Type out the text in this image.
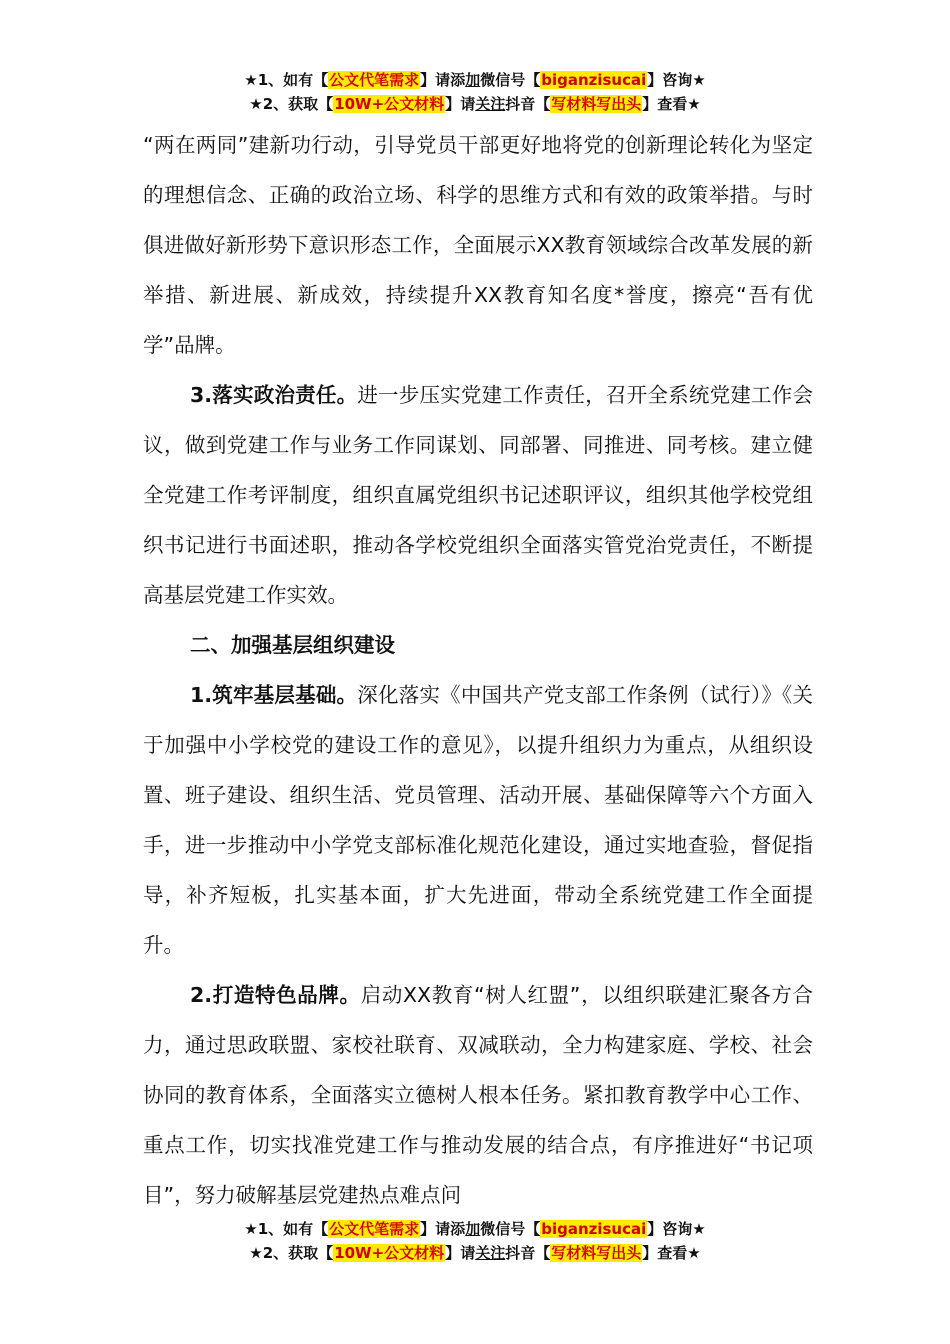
★1、如有【公文代笔需求】请添加微信号【biganzisucai】咨询★
★2、获取【10W+公文材料】请关注抖音【写材料写出头】查看★

“两在两同”建新功行动，引导党员干部更好地将党的创新理论转化为坚定的理想信念、正确的政治立场、科学的思维方式和有效的政策举措。与时俱进做好新形势下意识形态工作，全面展示XX教育领域综合改革发展的新举措、新进展、新成效，持续提升XX教育知名度*誉度，擦亮“吾有优学”品牌。

3.落实政治责任。进一步压实党建工作责任，召开全系统党建工作会议，做到党建工作与业务工作同谋划、同部署、同推进、同考核。建立健全党建工作考评制度，组织直属党组织书记述职评议，组织其他学校党组织书记进行书面述职，推动各学校党组织全面落实管党治党责任，不断提高基层党建工作实效。

二、加强基层组织建设

1.筑牢基层基础。深化落实《中国共产党支部工作条例（试行）》《关于加强中小学校党的建设工作的意见》，以提升组织力为重点，从组织设置、班子建设、组织生活、党员管理、活动开展、基础保障等六个方面入手，进一步推动中小学党支部标准化规范化建设，通过实地查验，督促指导，补齐短板，扎实基本面，扩大先进面，带动全系统党建工作全面提升。

2.打造特色品牌。启动XX教育“树人红盟”，以组织联建汇聚各方合力，通过思政联盟、家校社联育、双减联动，全力构建家庭、学校、社会协同的教育体系，全面落实立德树人根本任务。紧扣教育教学中心工作、重点工作，切实找准党建工作与推动发展的结合点，有序推进好“书记项目”，努力破解基层党建热点难点问

★1、如有【公文代笔需求】请添加微信号【biganzisucai】咨询★
★2、获取【10W+公文材料】请关注抖音【写材料写出头】查看★
